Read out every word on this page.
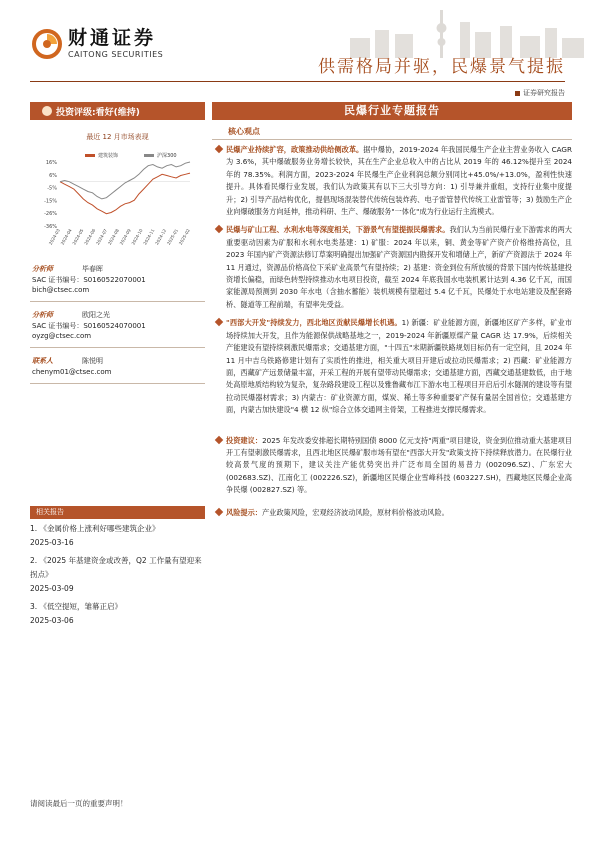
财通证券
CAITONG SECURITIES
供需格局并驱，民爆景气提振
证券研究报告
投资评级:看好(维持)
最近 12 月市场表现
建筑装饰	沪深300
16%
6%
-5%
-15%
-26%
-36%
2024-03
2024-04
2024-05
2024-06
2024-07
2024-08
2024-09
2024-10
2024-11
2024-12
2025-01
2025-02
分析师	毕春晖
SAC 证书编号：S0160522070001
bich@ctsec.com
分析师	欧阳之光
SAC 证书编号：S0160524070001
oyzg@ctsec.com
联系人	陈悦明
chenym01@ctsec.com
相关报告
1. 《金属价格上涨利好哪些建筑企业》
2025-03-16
2. 《2025 年基建资金或改善，Q2 工作量有望迎来拐点》
2025-03-09
3. 《低空提短，雏幕正启》
2025-03-06
请阅读最后一页的重要声明！
民爆行业专题报告
核心观点
民爆产业持续扩容，政策推动供给侧改革。据中爆协，2019-2024 年我国民爆生产企业主营业务收入 CAGR 为 3.6%，其中爆破服务业务增长较快，其在生产企业总收入中的占比从 2019 年的 46.12%提升至 2024 年的 78.35%。利润方面，2023-2024 年民爆生产企业利润总额分别同比+45.0%/+13.0%，盈利性快速提升。具体看民爆行业发展，我们认为政策其有以下三大引导方向：1) 引导兼并重组，支持行业集中度提升；2) 引导产品结构优化，提倡现场混装替代传统包装炸药、电子雷管替代传统工业雷管等；3) 鼓励生产企业向爆破服务方向延伸，推动科研、生产、爆破服务"一体化"成为行业运行主流模式。
民爆与矿山工程、水利水电等深度相关，下游景气有望提振民爆需求。我们认为当前民爆行业下游需求的两大重要驱动因素为矿服和水利水电类基建：1) 矿服：2024 年以来，铜、黄金等矿产资产价格维持高位，且 2023 年国内矿产资源法修订草案明确提出加强矿产资源国内勘探开发和增储上产，新矿产资源法于 2024 年 11 月通过，资源品价格高位下采矿业高景气有望持续；2) 基建：资金到位有所放缓的背景下国内传统基建投资增长偏稳，而绿色转型持续推动水电项目投资，截至 2024 年底我国水电装机累计达到 4.36 亿千瓦，而国家能源局预测到 2030 年水电（含抽水蓄能）装机规模有望超过 5.4 亿千瓦，民爆处于水电站建设及配套路桥、隧道等工程前端，有望率先受益。
"西部大开发"持续发力，西北地区贡献民爆增长机遇。1) 新疆：矿业能源方面，新疆地区矿产多样，矿业市场持续加大开发，且作为能源保供战略基地之一，2019-2024 年新疆原煤产量 CAGR 达 17.9%，后续相关产能建设有望持续刺激民爆需求；交通基建方面，"十四五"末期新疆铁路规划目标仍有一定空间，且 2024 年 11 月中吉乌铁路修建计划有了实质性的推进，相关重大项目开建后或拉动民爆需求；2) 西藏：矿业能源方面，西藏矿产远景储量丰富，开采工程的开展有望带动民爆需求；交通基建方面，西藏交通基建数低，由于地处高原地质结构较为复杂，复杂路段建设工程以及雅鲁藏布江下游水电工程项目开启后引水隧洞的建设等有望拉动民爆器材需求；3) 内蒙古：矿业资源方面，煤炭、稀土等多种重要矿产保有量居全国首位；交通基建方面，内蒙古加快建设"4 横 12 纵"综合立体交通网主骨架，工程推进支撑民爆需求。
投资建议：2025 年发改委安排超长期特别国债 8000 亿元支持"两重"项目建设，资金到位推动重大基建项目开工有望刺激民爆需求，且西北地区民爆矿服市场有望在"西部大开发"政策支持下持续释放潜力。在民爆行业较高景气度的预期下，建议关注产能优势突出并广泛布局全国的易普力 (002096.SZ)、广东宏大 (002683.SZ)、江南化工 (002226.SZ)，新疆地区民爆企业雪峰科技 (603227.SH)，西藏地区民爆企业高争民爆 (002827.SZ) 等。
风险提示：产业政策风险，宏观经济波动风险，原材料价格波动风险。
